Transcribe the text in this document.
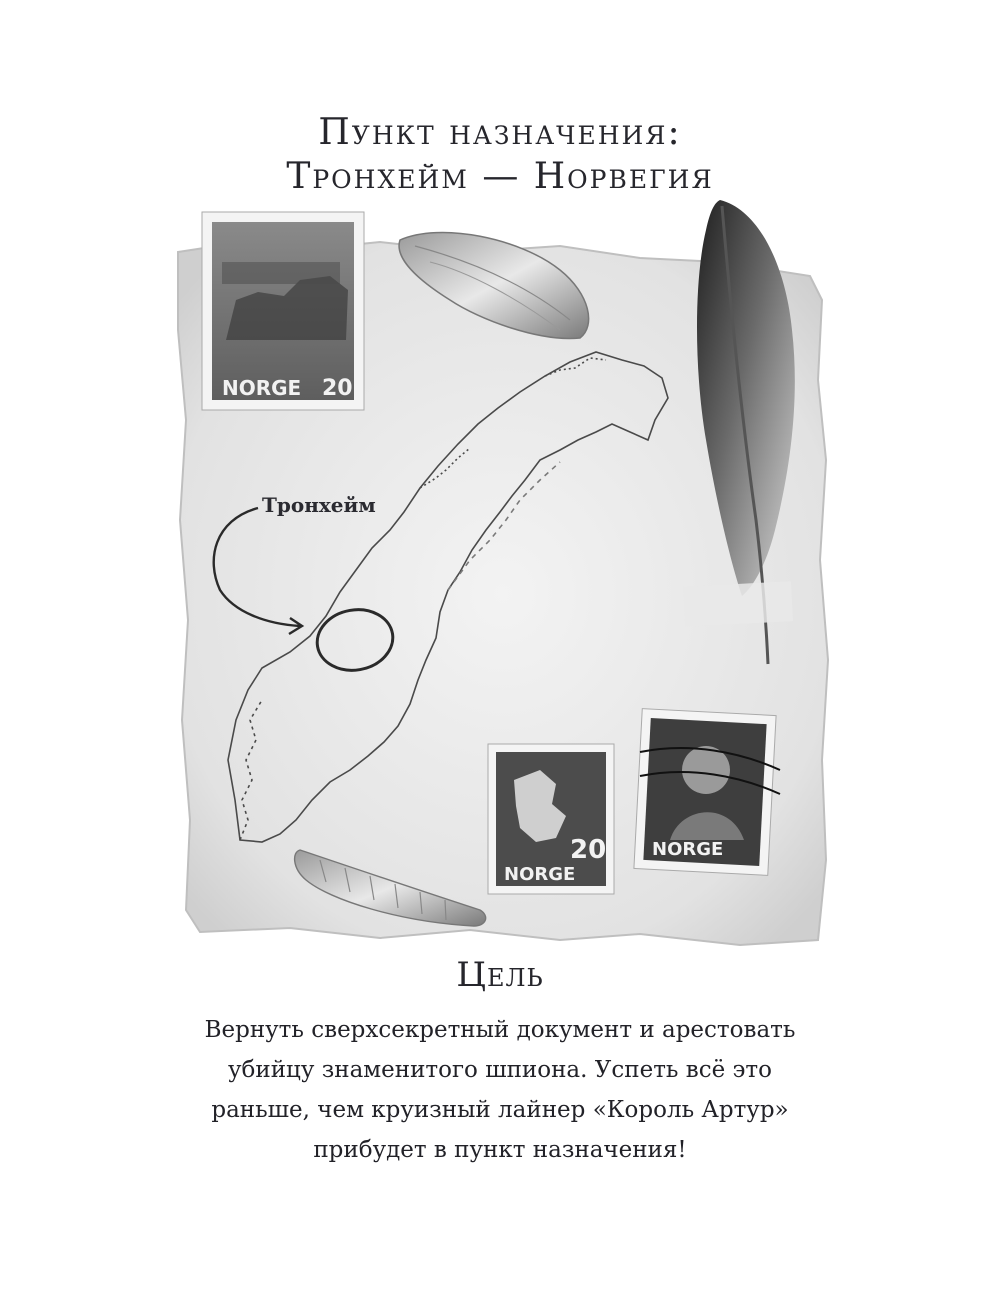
Пункт назначения:
Тронхейм — Норвегия
NORGE 20
NORGE
20	NORGE
Тронхейм
Цель

Вернуть сверхсекретный документ и арестовать
убийцу знаменитого шпиона. Успеть всё это
раньше, чем круизный лайнер «Король Артур»
прибудет в пункт назначения!
